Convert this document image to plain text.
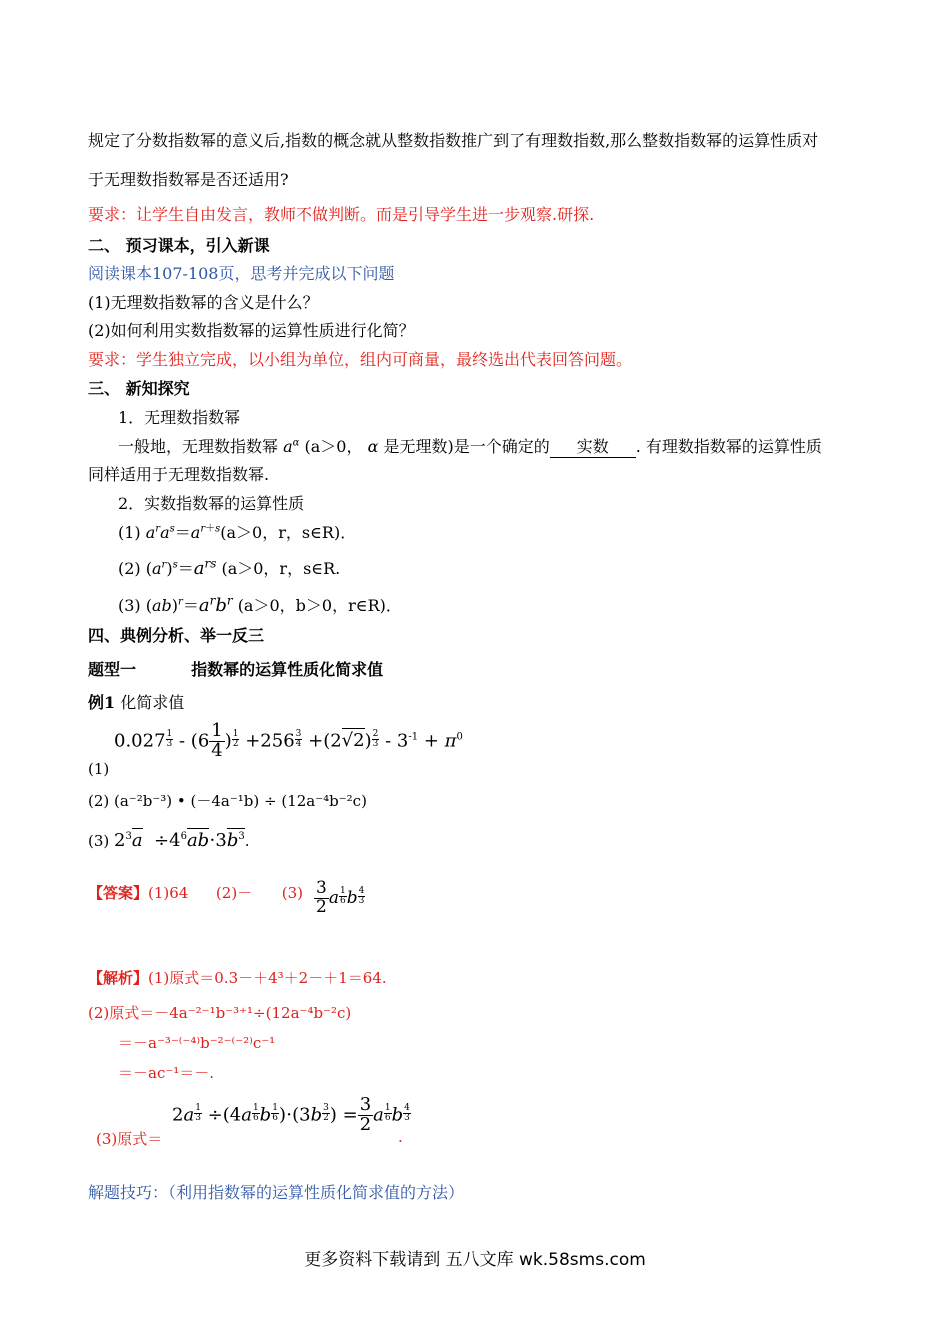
规定了分数指数幂的意义后,指数的概念就从整数指数推广到了有理数指数,那么整数指数幂的运算性质对
于无理数指数幂是否还适用?
要求：让学生自由发言，教师不做判断。而是引导学生进一步观察.研探.
二、 预习课本，引入新课
阅读课本107-108页，思考并完成以下问题
(1)无理数指数幂的含义是什么？
(2)如何利用实数指数幂的运算性质进行化简？
要求：学生独立完成，以小组为单位，组内可商量，最终选出代表回答问题。
三、 新知探究
1．无理数指数幂
一般地，无理数指数幂 $a^\alpha$ (a＞0， α 是无理数)是一个确定的 实数 . 有理数指数幂的运算性质
同样适用于无理数指数幂.
2．实数指数幂的运算性质
(1) $a^ra^s=a^{r+s}(a>0$，r，s∈R)．
(2) $(a^r)^s=a^{rs}$ (a＞0，r，s∈R.
(3) $(ab)^r=a^rb^r$ (a＞0，b＞0，r∈R)．
四、典例分析、举一反三
题型一	指数幂的运算性质化简求值
例1 化简求值
$0.027 \frac{1}{3} - (6 \frac{1}{4}$ ) $\frac{1}{2} +256 \frac{3}{4} +(2√2) \frac{2}{3} - 3^{-1} + \pi^0$
(1)
(2) (a⁻²b⁻³) • (－4a⁻¹b) ÷ (12a⁻⁴b⁻²c)
(3) $2^3a \div 4^6ab\cdot 3b^3$.
【答案】(1)64 $(2)- (3) \frac{3}{2}$ a $\frac{1}{6}$ b $\frac{4}{3}$
【解析】(1)原式＝0.3－＋4³＋2－＋1＝64.
(2)原式＝－4a⁻²⁻¹b⁻³⁺¹÷(12a⁻⁴b⁻²c)
＝－a⁻³⁻⁽⁻⁴⁾b⁻²⁻⁽⁻²⁾c⁻¹
＝－ac⁻¹＝－.
$2a \frac{1}{3} \div(4a \frac{1}{6}$ b $\frac{1}{6} )\cdot(3b \frac{3}{2}$ ) = $\frac{3}{2}$ a $\frac{1}{6}$ b $\frac{4}{3}$
(3)原式＝	.
解题技巧：（利用指数幂的运算性质化简求值的方法）
更多资料下载请到 五八文库 wk.58sms.com
